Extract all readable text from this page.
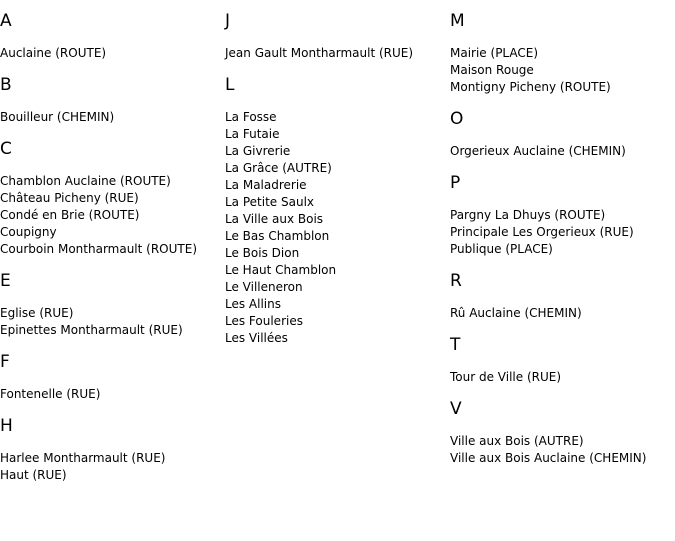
A
Auclaine (ROUTE)
B
Bouilleur (CHEMIN)
C
Chamblon Auclaine (ROUTE)
Château Picheny (RUE)
Condé en Brie (ROUTE)
Coupigny
Courboin Montharmault (ROUTE)
E
Eglise (RUE)
Epinettes Montharmault (RUE)
F
Fontenelle (RUE)
H
Harlee Montharmault (RUE)
Haut (RUE)
J
Jean Gault Montharmault (RUE)
L
La Fosse
La Futaie
La Givrerie
La Grâce (AUTRE)
La Maladrerie
La Petite Saulx
La Ville aux Bois
Le Bas Chamblon
Le Bois Dion
Le Haut Chamblon
Le Villeneron
Les Allins
Les Fouleries
Les Villées
M
Mairie (PLACE)
Maison Rouge
Montigny Picheny (ROUTE)
O
Orgerieux Auclaine (CHEMIN)
P
Pargny La Dhuys (ROUTE)
Principale Les Orgerieux (RUE)
Publique (PLACE)
R
Rû Auclaine (CHEMIN)
T
Tour de Ville (RUE)
V
Ville aux Bois (AUTRE)
Ville aux Bois Auclaine (CHEMIN)
